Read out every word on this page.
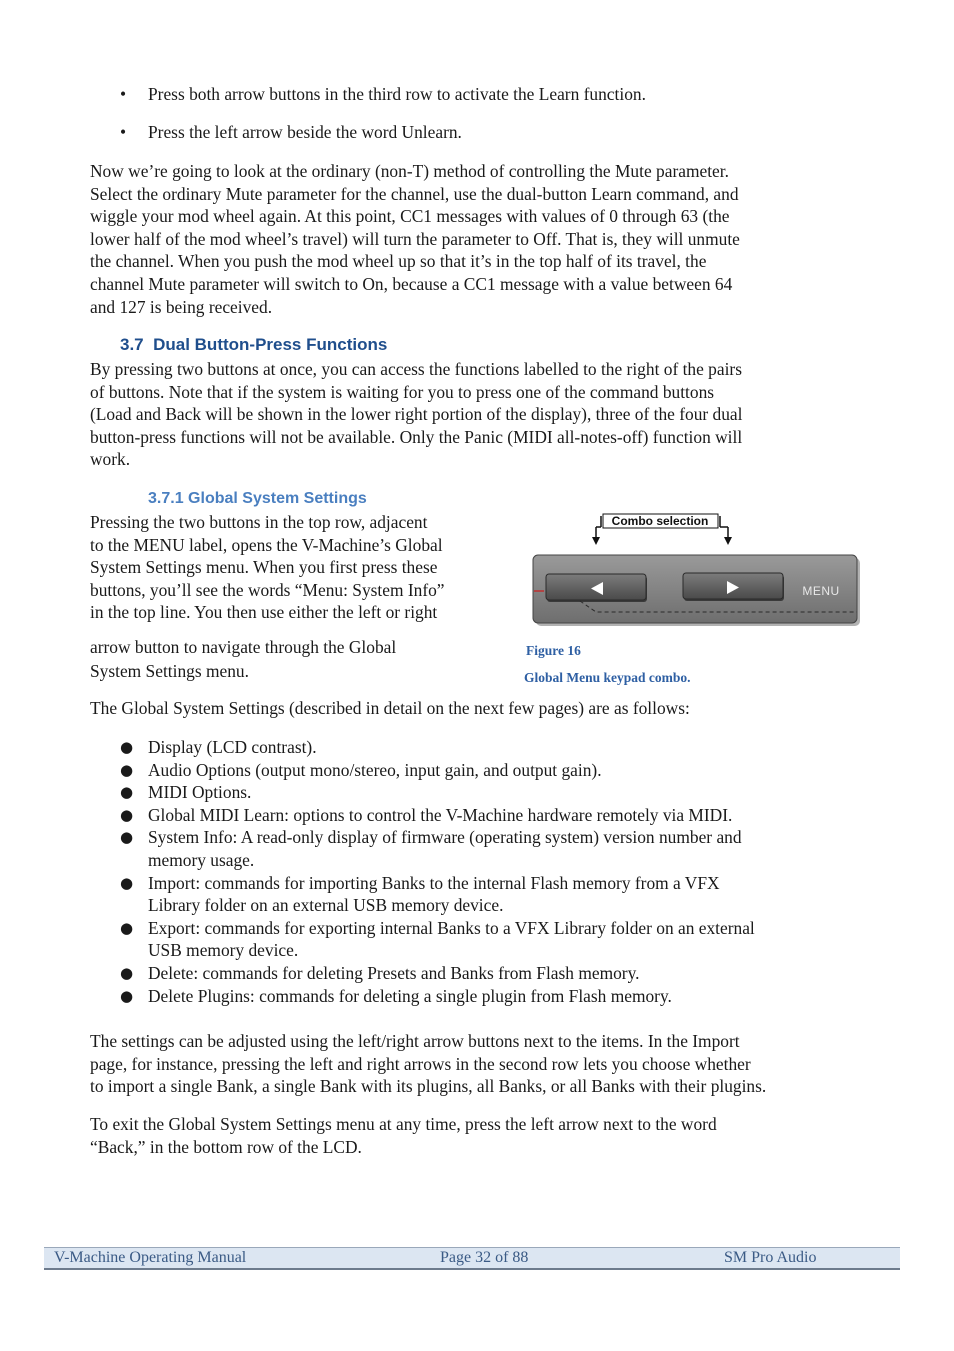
• Press both arrow buttons in the third row to activate the Learn function.
• Press the left arrow beside the word Unlearn.
Now we’re going to look at the ordinary (non-T) method of controlling the Mute parameter.
Select the ordinary Mute parameter for the channel, use the dual-button Learn command, and
wiggle your mod wheel again. At this point, CC1 messages with values of 0 through 63 (the
lower half of the mod wheel’s travel) will turn the parameter to Off. That is, they will unmute
the channel. When you push the mod wheel up so that it’s in the top half of its travel, the
channel Mute parameter will switch to On, because a CC1 message with a value between 64
and 127 is being received.
3.7 Dual Button-Press Functions
By pressing two buttons at once, you can access the functions labelled to the right of the pairs
of buttons. Note that if the system is waiting for you to press one of the command buttons
(Load and Back will be shown in the lower right portion of the display), three of the four dual
button-press functions will not be available. Only the Panic (MIDI all-notes-off) function will
work.
3.7.1 Global System Settings
Pressing the two buttons in the top row, adjacent
to the MENU label, opens the V-Machine’s Global
System Settings menu. When you first press these
buttons, you’ll see the words “Menu: System Info”
in the top line. You then use either the left or right
arrow button to navigate through the Global
System Settings menu.
Combo selection
MENU
Figure 16
Global Menu keypad combo.
The Global System Settings (described in detail on the next few pages) are as follows:
● Display (LCD contrast).
● Audio Options (output mono/stereo, input gain, and output gain).
● MIDI Options.
● Global MIDI Learn: options to control the V-Machine hardware remotely via MIDI.
● System Info: A read-only display of firmware (operating system) version number and
memory usage.
● Import: commands for importing Banks to the internal Flash memory from a VFX
Library folder on an external USB memory device.
● Export: commands for exporting internal Banks to a VFX Library folder on an external
USB memory device.
● Delete: commands for deleting Presets and Banks from Flash memory.
● Delete Plugins: commands for deleting a single plugin from Flash memory.
The settings can be adjusted using the left/right arrow buttons next to the items. In the Import
page, for instance, pressing the left and right arrows in the second row lets you choose whether
to import a single Bank, a single Bank with its plugins, all Banks, or all Banks with their plugins.
To exit the Global System Settings menu at any time, press the left arrow next to the word
“Back,” in the bottom row of the LCD.
V-Machine Operating Manual	Page 32 of 88	SM Pro Audio
